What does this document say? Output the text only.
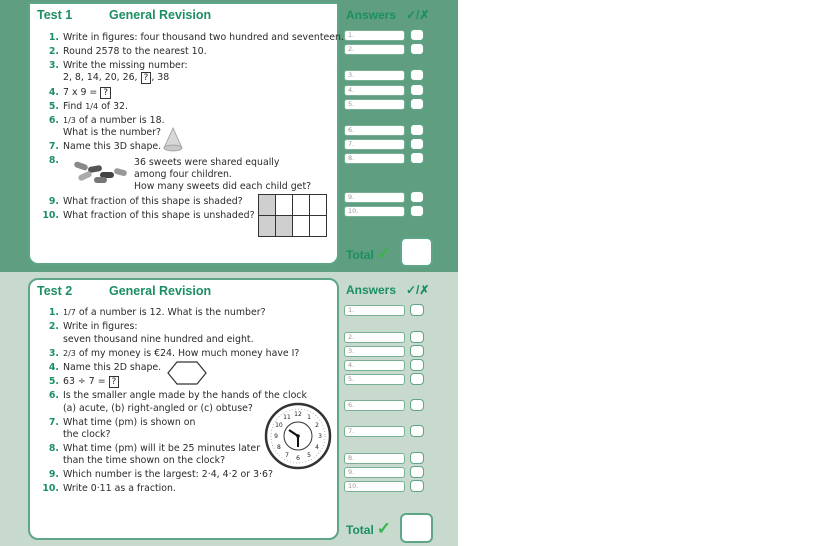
Test 1	General Revision
1. Write in figures: four thousand two hundred and seventeen.
2. Round 2578 to the nearest 10.
3. Write the missing number:
2, 8, 14, 20, 26, ? , 38
4. 7 x 9 = ?
5. Find 1/4 of 32.
6. 1/3 of a number is 18.
What is the number?
7. Name this 3D shape.
8.	36 sweets were shared equally
among four children.
How many sweets did each child get?
9. What fraction of this shape is shaded?
10. What fraction of this shape is unshaded?
Answers ✓/✗
1.
2.
3.
4.
5.
6.
7.
8.
9.
10.
Total ✓
Test 2	General Revision
1. 1/7 of a number is 12. What is the number?
2. Write in figures:
seven thousand nine hundred and eight.
3. 2/3 of my money is €24. How much money have I?
4. Name this 2D shape.
5. 63 ÷ 7 = ?
6. Is the smaller angle made by the hands of the clock
(a) acute, (b) right-angled or (c) obtuse?
7. What time (pm) is shown on
the clock?
8. What time (pm) will it be 25 minutes later
than the time shown on the clock?
9. Which number is the largest: 2·4, 4·2 or 3·6?
10. Write 0·11 as a fraction.
12 1
2
3
4
5
6
7
8
9
10
11
Answers ✓/✗
1.
2.
3.
4.
5.
6.
7.
8.
9.
10.
Total ✓
